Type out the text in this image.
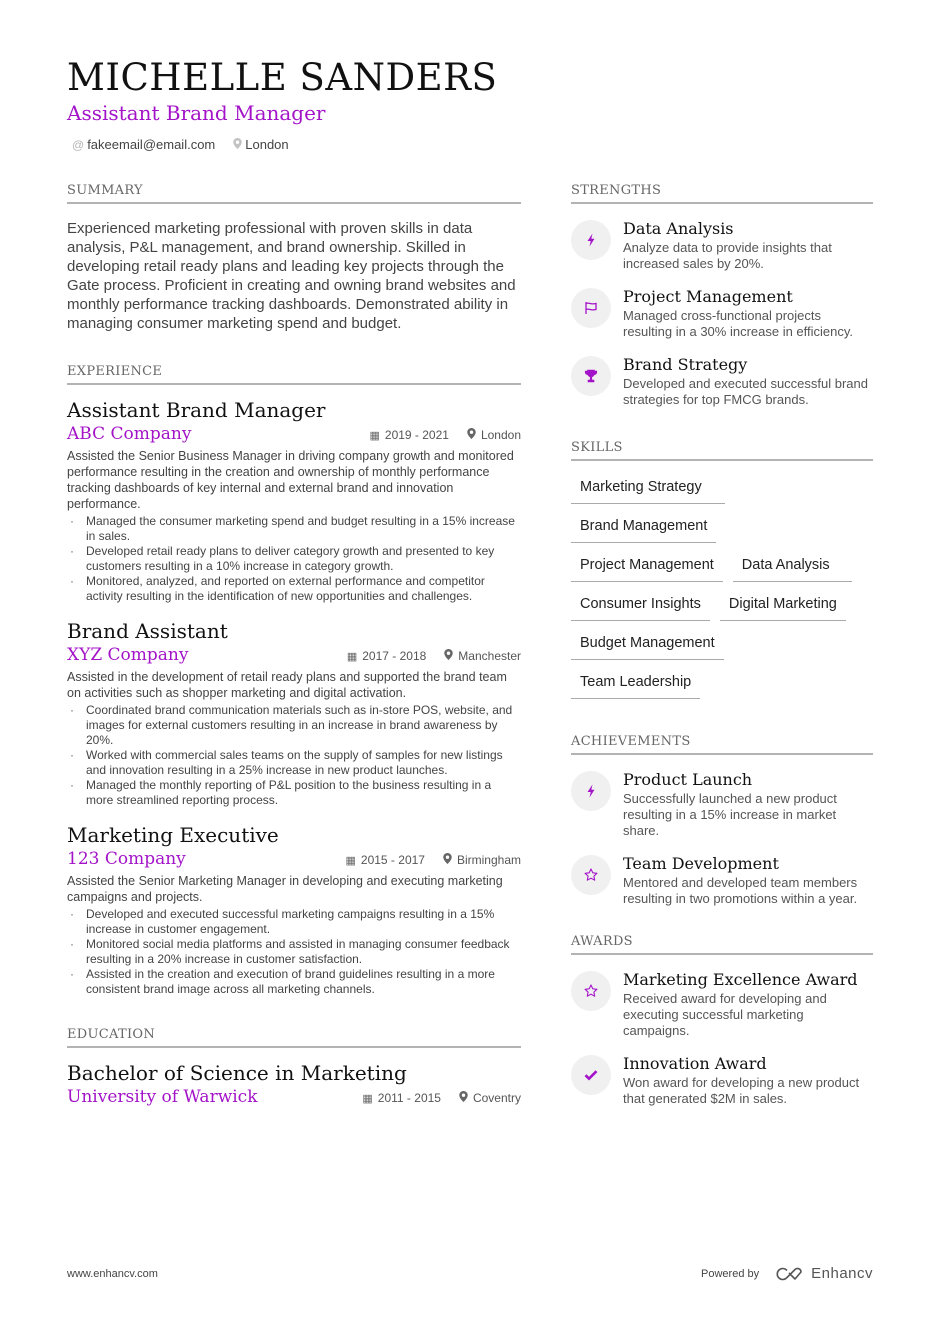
MICHELLE SANDERS
Assistant Brand Manager
@ fakeemail@email.com London
SUMMARY

Experienced marketing professional with proven skills in data analysis, P&L management, and brand ownership. Skilled in developing retail ready plans and leading key projects through the Gate process. Proficient in creating and owning brand websites and monthly performance tracking dashboards. Demonstrated ability in managing consumer marketing spend and budget.

EXPERIENCE
Assistant Brand Manager
ABC Company	▦ 2019 - 2021	London

Assisted the Senior Business Manager in driving company growth and monitored performance resulting in the creation and ownership of monthly performance tracking dashboards of key internal and external brand and innovation performance.

· Managed the consumer marketing spend and budget resulting in a 15% increase in sales.
· Developed retail ready plans to deliver category growth and presented to key customers resulting in a 10% increase in category growth.
· Monitored, analyzed, and reported on external performance and competitor activity resulting in the identification of new opportunities and challenges.
Brand Assistant
XYZ Company	▦ 2017 - 2018	Manchester

Assisted in the development of retail ready plans and supported the brand team on activities such as shopper marketing and digital activation.

· Coordinated brand communication materials such as in-store POS, website, and images for external customers resulting in an increase in brand awareness by 20%.
· Worked with commercial sales teams on the supply of samples for new listings and innovation resulting in a 25% increase in new product launches.
· Managed the monthly reporting of P&L position to the business resulting in a more streamlined reporting process.
Marketing Executive
123 Company	▦ 2015 - 2017	Birmingham

Assisted the Senior Marketing Manager in developing and executing marketing campaigns and projects.

· Developed and executed successful marketing campaigns resulting in a 15% increase in customer engagement.
· Monitored social media platforms and assisted in managing consumer feedback resulting in a 20% increase in customer satisfaction.
· Assisted in the creation and execution of brand guidelines resulting in a more consistent brand image across all marketing channels.
EDUCATION
Bachelor of Science in Marketing
University of Warwick	▦ 2011 - 2015	Coventry
STRENGTHS
Data Analysis
Analyze data to provide insights that increased sales by 20%.
Project Management
Managed cross-functional projects resulting in a 30% increase in efficiency.
Brand Strategy
Developed and executed successful brand strategies for top FMCG brands.
SKILLS
Marketing Strategy
Brand Management
Project Management	Data Analysis
Consumer Insights	Digital Marketing
Budget Management
Team Leadership
ACHIEVEMENTS
Product Launch
Successfully launched a new product resulting in a 15% increase in market share.
Team Development
Mentored and developed team members resulting in two promotions within a year.
AWARDS
Marketing Excellence Award
Received award for developing and executing successful marketing campaigns.
Innovation Award
Won award for developing a new product that generated $2M in sales.
www.enhancv.com	Powered by	Enhancv
